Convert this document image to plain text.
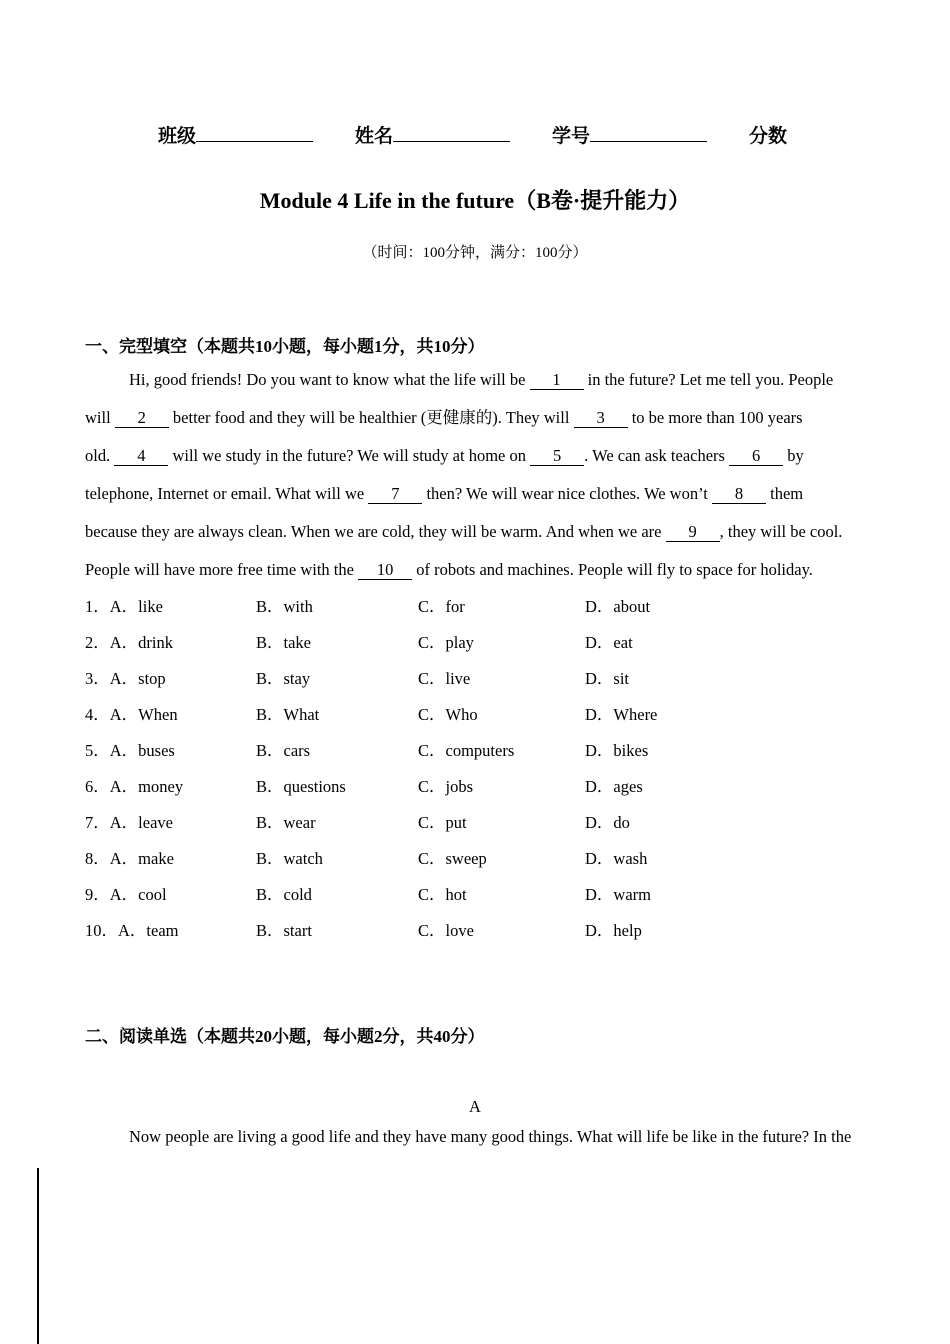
班级	姓名	学号	分数
Module 4 Life in the future（B卷·提升能力）
（时间：100分钟，满分：100分）
一、完型填空（本题共10小题，每小题1分，共10分）
Hi, good friends! Do you want to know what the life will be 1 in the future? Let me tell you. People
will 2 better food and they will be healthier (更健康的). They will 3 to be more than 100 years
old. 4 will we study in the future? We will study at home on 5 . We can ask teachers 6 by
telephone, Internet or email. What will we 7 then? We will wear nice clothes. We won’t 8 them
because they are always clean. When we are cold, they will be warm. And when we are 9 , they will be cool.
People will have more free time with the 10 of robots and machines. People will fly to space for holiday.
1．A．like	B．with	C．for	D．about
2．A．drink	B．take	C．play	D．eat
3．A．stop	B．stay	C．live	D．sit
4．A．When	B．What	C．Who	D．Where
5．A．buses	B．cars	C．computers	D．bikes
6．A．money	B．questions	C．jobs	D．ages
7．A．leave	B．wear	C．put	D．do
8．A．make	B．watch	C．sweep	D．wash
9．A．cool	B．cold	C．hot	D．warm
10．A．team	B．start	C．love	D．help
二、阅读单选（本题共20小题，每小题2分，共40分）
A

Now people are living a good life and they have many good things. What will life be like in the future? In the
